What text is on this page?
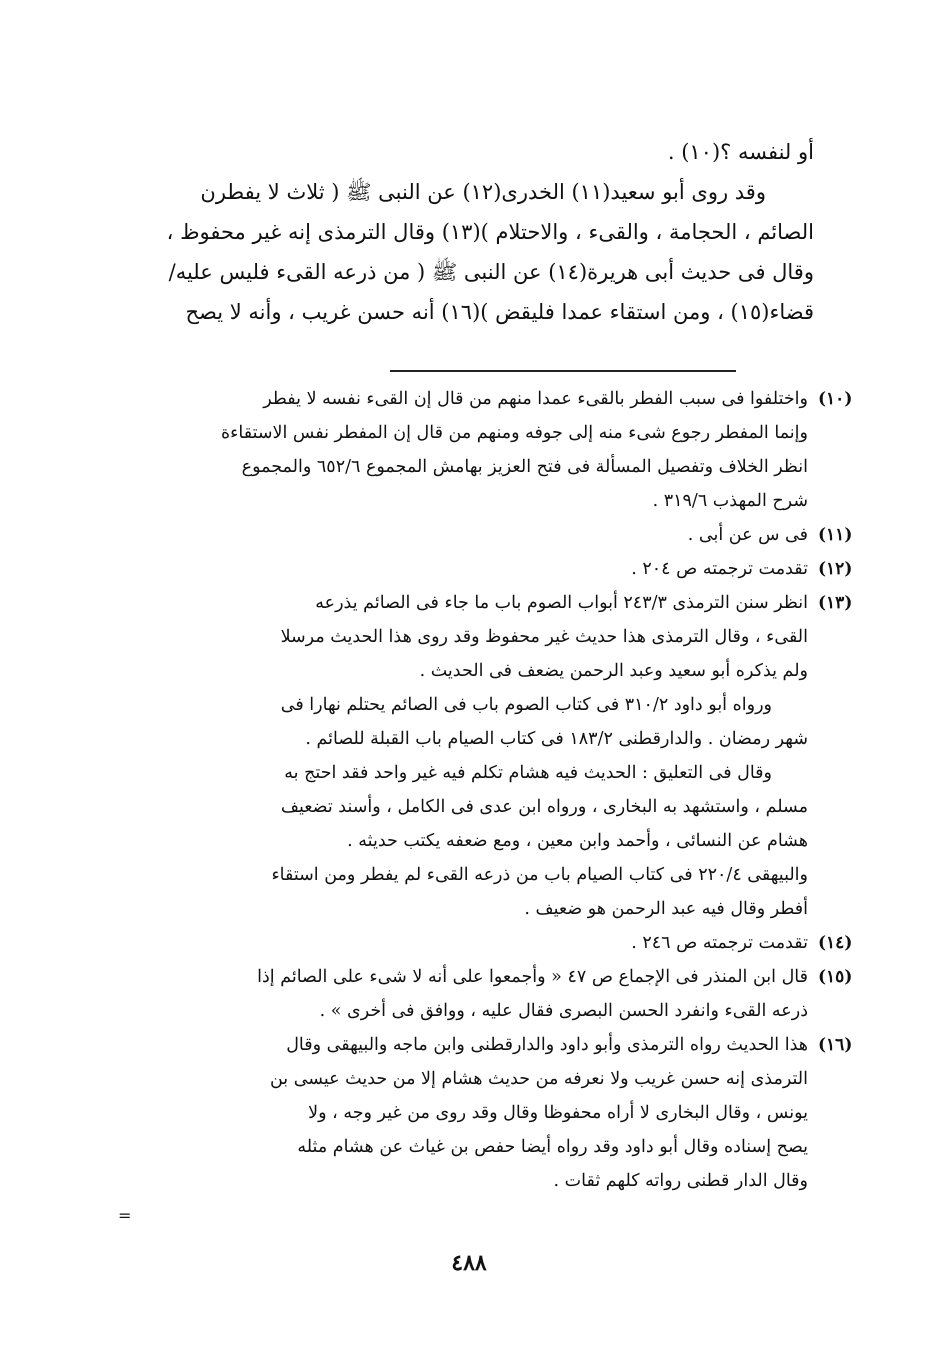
أو لنفسه ؟(١٠) .

وقد روى أبو سعيد(١١) الخدرى(١٢) عن النبى ﷺ ( ثلاث لا يفطرن

الصائم ، الحجامة ، والقىء ، والاحتلام )(١٣) وقال الترمذى إنه غير محفوظ ،

وقال فى حديث أبى هريرة(١٤) عن النبى ﷺ ( من ذرعه القىء فليس عليه/

قضاء(١٥) ، ومن استقاء عمدا فليقض )(١٦) أنه حسن غريب ، وأنه لا يصح

(١٠)

واختلفوا فى سبب الفطر بالقىء عمدا منهم من قال إن القىء نفسه لا يفطر

وإنما المفطر رجوع شىء منه إلى جوفه ومنهم من قال إن المفطر نفس الاستقاءة

انظر الخلاف وتفصيل المسألة فى فتح العزيز بهامش المجموع ٦٥٢/٦ والمجموع

شرح المهذب ٣١٩/٦ .

(١١)

فى س عن أبى .

(١٢)

تقدمت ترجمته ص ٢٠٤ .

(١٣)

انظر سنن الترمذى ٢٤٣/٣ أبواب الصوم باب ما جاء فى الصائم يذرعه

القىء ، وقال الترمذى هذا حديث غير محفوظ وقد روى هذا الحديث مرسلا

ولم يذكره أبو سعيد وعبد الرحمن يضعف فى الحديث .

ورواه أبو داود ٣١٠/٢ فى كتاب الصوم باب فى الصائم يحتلم نهارا فى

شهر رمضان . والدارقطنى ١٨٣/٢ فى كتاب الصيام باب القبلة للصائم .

وقال فى التعليق : الحديث فيه هشام تكلم فيه غير واحد فقد احتج به

مسلم ، واستشهد به البخارى ، ورواه ابن عدى فى الكامل ، وأسند تضعيف

هشام عن النسائى ، وأحمد وابن معين ، ومع ضعفه يكتب حديثه .

والبيهقى ٢٢٠/٤ فى كتاب الصيام باب من ذرعه القىء لم يفطر ومن استقاء

أفطر وقال فيه عبد الرحمن هو ضعيف .

(١٤)

تقدمت ترجمته ص ٢٤٦ .

(١٥)

قال ابن المنذر فى الإجماع ص ٤٧ « وأجمعوا على أنه لا شىء على الصائم إذا

ذرعه القىء وانفرد الحسن البصرى فقال عليه ، ووافق فى أخرى » .

(١٦)

هذا الحديث رواه الترمذى وأبو داود والدارقطنى وابن ماجه والبيهقى وقال

الترمذى إنه حسن غريب ولا نعرفه من حديث هشام إلا من حديث عيسى بن

يونس ، وقال البخارى لا أراه محفوظا وقال وقد روى من غير وجه ، ولا

يصح إسناده وقال أبو داود وقد رواه أيضا حفص بن غياث عن هشام مثله

وقال الدار قطنى رواته كلهم ثقات .

=
٤٨٨
